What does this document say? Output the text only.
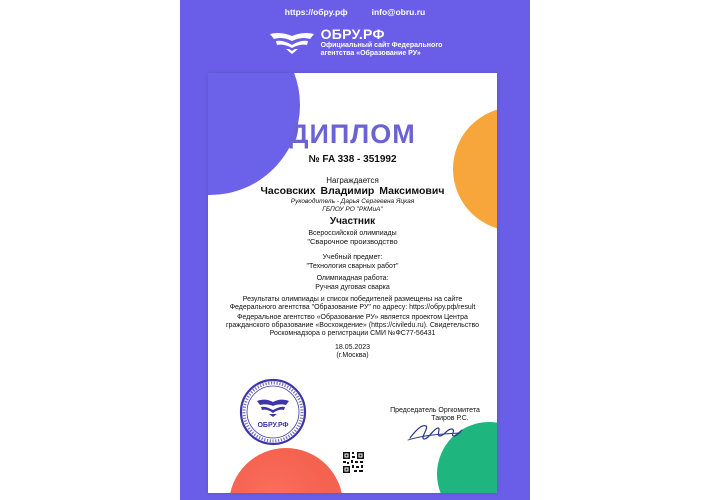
https://обру.рф	info@obru.ru
ОБРУ.РФ
Официальный сайт Федерального
агентства «Образование РУ»
ДИПЛОМ
№ FA 338 - 351992
Награждается
Часовских Владимир Максимович
Руководитель - Дарья Сергеевна Яцкая
ГБПОУ РО "РКМиА"
Участник
Всероссийской олимпиады
"Сварочное производство
Учебный предмет:
"Технология сварных работ"
Олимпиадная работа:
Ручная дуговая сварка
Результаты олимпиады и список победителей размещены на сайте
Федерального агентства "Образование РУ" по адресу: https://обру.рф/result
Федеральное агентство «Образование РУ» является проектом Центра
гражданского образование «Восхождение» (https://civiledu.ru). Свидетельство
Роскомнадзора о регистрации СМИ №ФС77-56431
18.05.2023
(г.Москва)
ОБРУ.РФ
Председатель Оргкомитета
Таиров Р.С.
